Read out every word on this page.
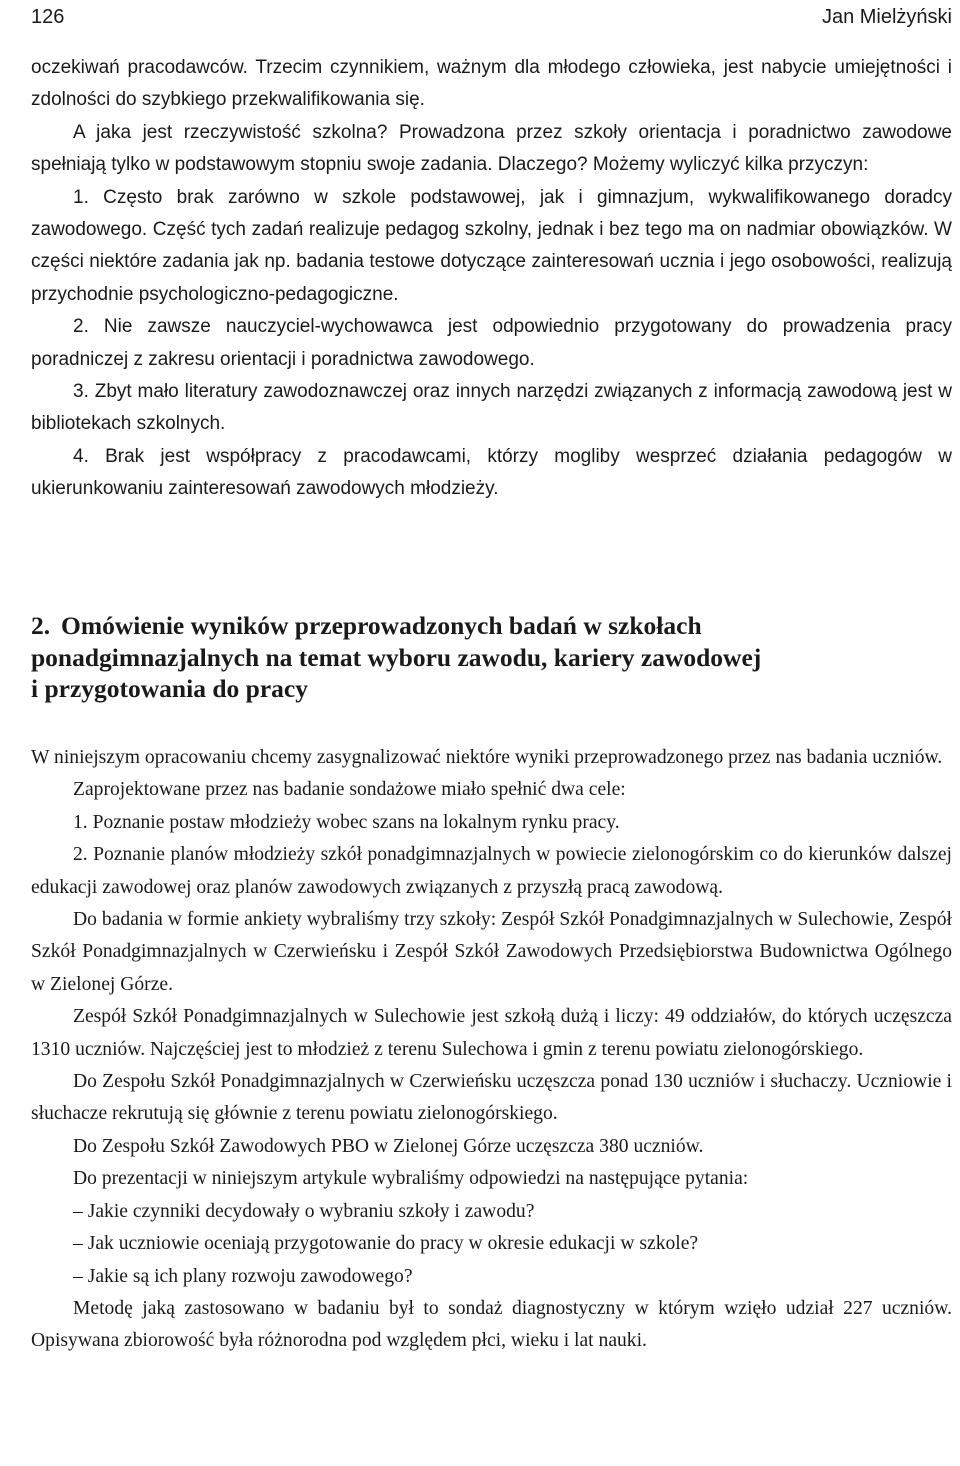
126	Jan Mielżyński

oczekiwań pracodawców. Trzecim czynnikiem, ważnym dla młodego człowieka, jest nabycie umiejętności i zdolności do szybkiego przekwalifikowania się.

A jaka jest rzeczywistość szkolna? Prowadzona przez szkoły orientacja i poradnictwo zawodowe spełniają tylko w podstawowym stopniu swoje zadania. Dlaczego? Możemy wyliczyć kilka przyczyn:

1. Często brak zarówno w szkole podstawowej, jak i gimnazjum, wykwalifikowanego doradcy zawodowego. Część tych zadań realizuje pedagog szkolny, jednak i bez tego ma on nadmiar obowiązków. W części niektóre zadania jak np. badania testowe dotyczące zainteresowań ucznia i jego osobowości, realizują przychodnie psychologiczno-pedagogiczne.

2. Nie zawsze nauczyciel-wychowawca jest odpowiednio przygotowany do prowadzenia pracy poradniczej z zakresu orientacji i poradnictwa zawodowego.

3. Zbyt mało literatury zawodoznawczej oraz innych narzędzi związanych z informacją zawodową jest w bibliotekach szkolnych.

4. Brak jest współpracy z pracodawcami, którzy mogliby wesprzeć działania pedagogów w ukierunkowaniu zainteresowań zawodowych młodzieży.

2. Omówienie wyników przeprowadzonych badań w szkołach
ponadgimnazjalnych na temat wyboru zawodu, kariery zawodowej
i przygotowania do pracy

W niniejszym opracowaniu chcemy zasygnalizować niektóre wyniki przeprowadzonego przez nas badania uczniów.

Zaprojektowane przez nas badanie sondażowe miało spełnić dwa cele:

1. Poznanie postaw młodzieży wobec szans na lokalnym rynku pracy.

2. Poznanie planów młodzieży szkół ponadgimnazjalnych w powiecie zielonogórskim co do kierunków dalszej edukacji zawodowej oraz planów zawodowych związanych z przyszłą pracą zawodową.

Do badania w formie ankiety wybraliśmy trzy szkoły: Zespół Szkół Ponadgimnazjalnych w Sulechowie, Zespół Szkół Ponadgimnazjalnych w Czerwieńsku i Zespół Szkół Zawodowych Przedsiębiorstwa Budownictwa Ogólnego w Zielonej Górze.

Zespół Szkół Ponadgimnazjalnych w Sulechowie jest szkołą dużą i liczy: 49 oddziałów, do których uczęszcza 1310 uczniów. Najczęściej jest to młodzież z terenu Sulechowa i gmin z terenu powiatu zielonogórskiego.

Do Zespołu Szkół Ponadgimnazjalnych w Czerwieńsku uczęszcza ponad 130 uczniów i słuchaczy. Uczniowie i słuchacze rekrutują się głównie z terenu powiatu zielonogórskiego.

Do Zespołu Szkół Zawodowych PBO w Zielonej Górze uczęszcza 380 uczniów.

Do prezentacji w niniejszym artykule wybraliśmy odpowiedzi na następujące pytania:

– Jakie czynniki decydowały o wybraniu szkoły i zawodu?

– Jak uczniowie oceniają przygotowanie do pracy w okresie edukacji w szkole?

– Jakie są ich plany rozwoju zawodowego?

Metodę jaką zastosowano w badaniu był to sondaż diagnostyczny w którym wzięło udział 227 uczniów. Opisywana zbiorowość była różnorodna pod względem płci, wieku i lat nauki.
